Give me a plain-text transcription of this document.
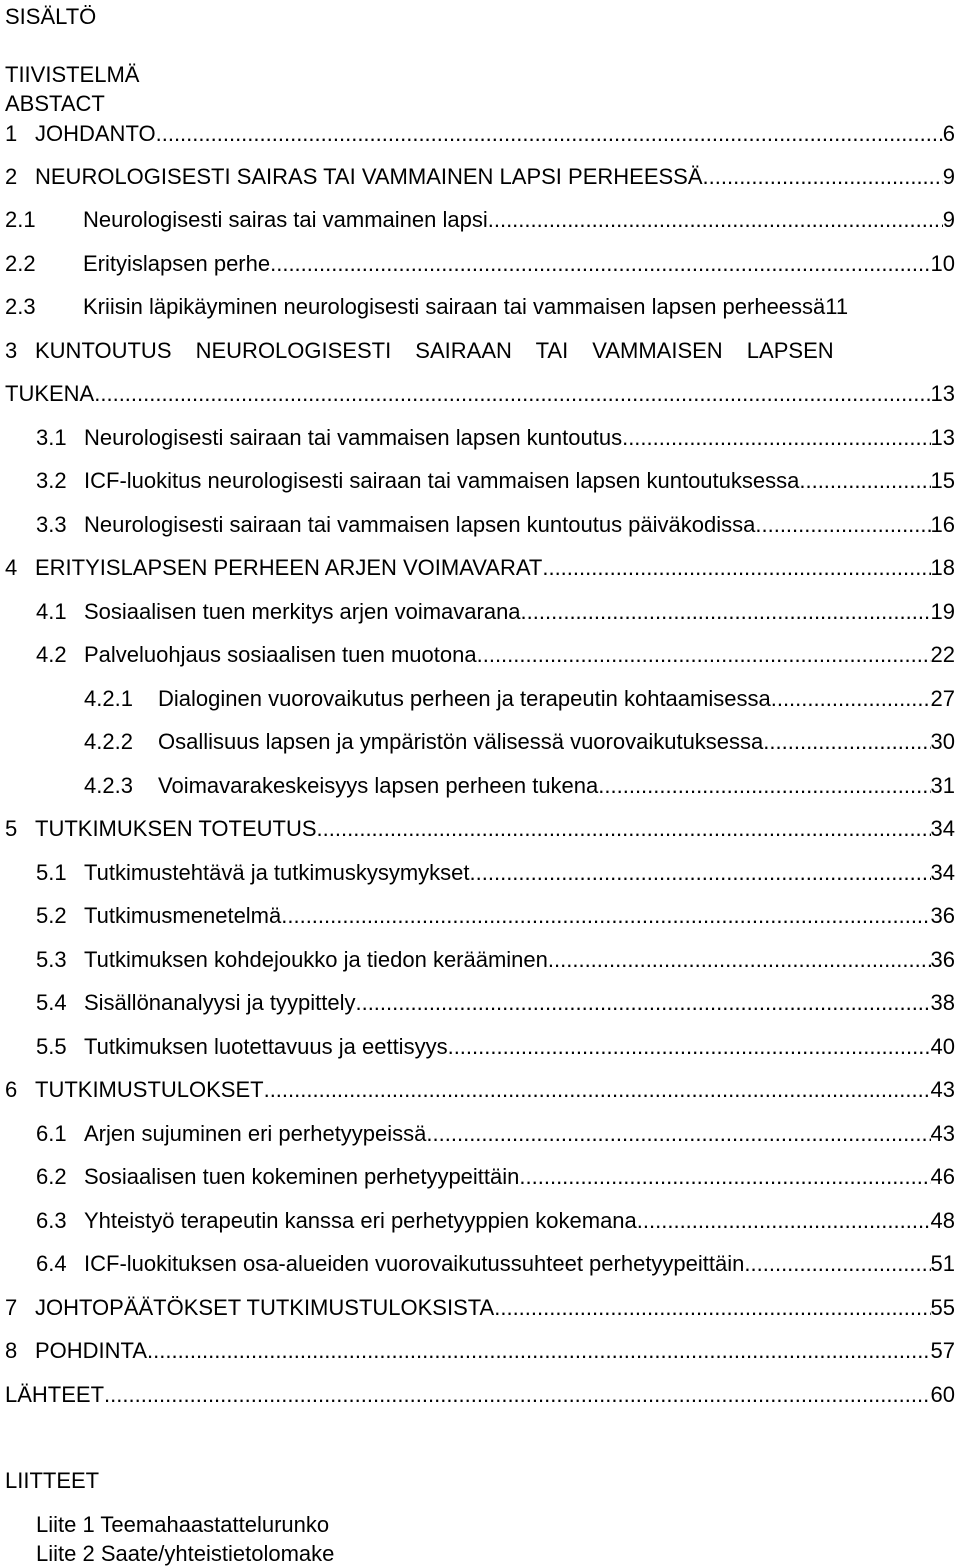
SISÄLTÖ
TIIVISTELMÄ
ABSTACT
1 JOHDANTO .....	6
2 NEUROLOGISESTI SAIRAS TAI VAMMAINEN LAPSI PERHEESSÄ .....	9
2.1	Neurologisesti sairas tai vammainen lapsi .....	9
2.2	Erityislapsen perhe .....	10
2.3	Kriisin läpikäyminen neurologisesti sairaan tai vammaisen lapsen perheessä 11
3 KUNTOUTUS NEUROLOGISESTI SAIRAAN TAI VAMMAISEN LAPSEN
TUKENA .....	13
3.1 Neurologisesti sairaan tai vammaisen lapsen kuntoutus .....	13
3.2 ICF-luokitus neurologisesti sairaan tai vammaisen lapsen kuntoutuksessa .....	15
3.3 Neurologisesti sairaan tai vammaisen lapsen kuntoutus päiväkodissa .....	16
4 ERITYISLAPSEN PERHEEN ARJEN VOIMAVARAT .....	18
4.1 Sosiaalisen tuen merkitys arjen voimavarana .....	19
4.2 Palveluohjaus sosiaalisen tuen muotona .....	22
4.2.1	Dialoginen vuorovaikutus perheen ja terapeutin kohtaamisessa .....	27
4.2.2	Osallisuus lapsen ja ympäristön välisessä vuorovaikutuksessa .....	30
4.2.3	Voimavarakeskeisyys lapsen perheen tukena .....	31
5 TUTKIMUKSEN TOTEUTUS .....	34
5.1 Tutkimustehtävä ja tutkimuskysymykset .....	34
5.2 Tutkimusmenetelmä .....	36
5.3 Tutkimuksen kohdejoukko ja tiedon kerääminen .....	36
5.4 Sisällönanalyysi ja tyypittely .....	38
5.5 Tutkimuksen luotettavuus ja eettisyys .....	40
6 TUTKIMUSTULOKSET .....	43
6.1 Arjen sujuminen eri perhetyypeissä .....	43
6.2 Sosiaalisen tuen kokeminen perhetyypeittäin .....	46
6.3 Yhteistyö terapeutin kanssa eri perhetyyppien kokemana .....	48
6.4 ICF-luokituksen osa-alueiden vuorovaikutussuhteet perhetyypeittäin .....	51
7 JOHTOPÄÄTÖKSET TUTKIMUSTULOKSISTA .....	55
8 POHDINTA .....	57
LÄHTEET .....	60
LIITTEET
Liite 1 Teemahaastattelurunko
Liite 2 Saate/yhteistietolomake
